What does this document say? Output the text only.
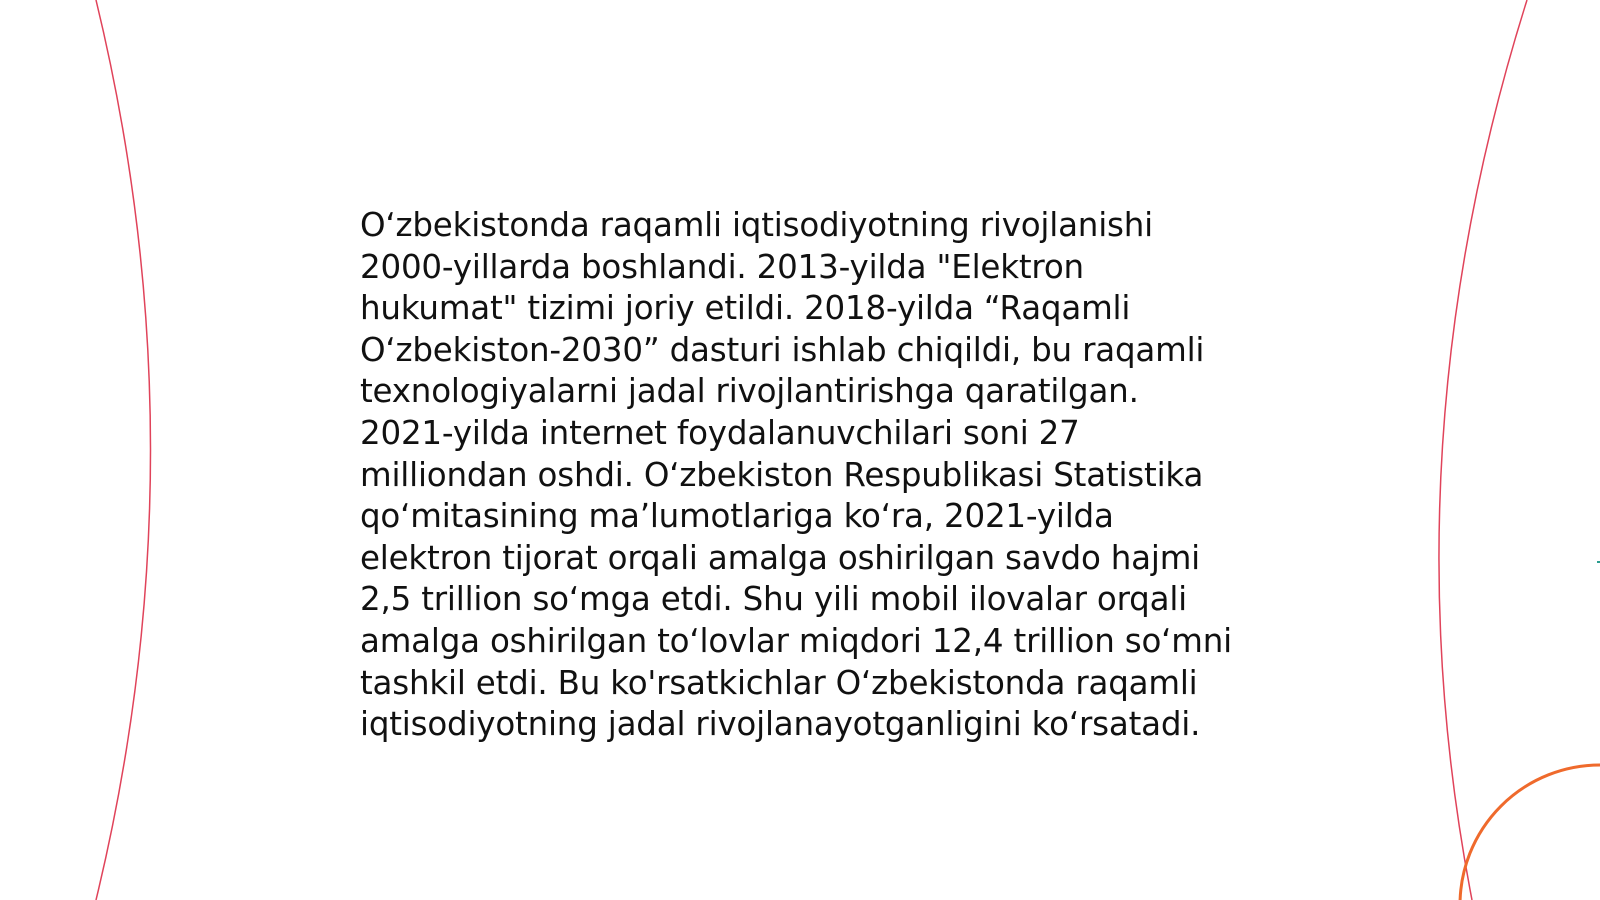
O‘zbekistonda raqamli iqtisodiyotning rivojlanishi
2000-yillarda boshlandi. 2013-yilda "Elektron
hukumat" tizimi joriy etildi. 2018-yilda “Raqamli
O‘zbekiston-2030” dasturi ishlab chiqildi, bu raqamli
texnologiyalarni jadal rivojlantirishga qaratilgan.
2021-yilda internet foydalanuvchilari soni 27
milliondan oshdi. O‘zbekiston Respublikasi Statistika
qo‘mitasining ma’lumotlariga ko‘ra, 2021-yilda
elektron tijorat orqali amalga oshirilgan savdo hajmi
2,5 trillion so‘mga etdi. Shu yili mobil ilovalar orqali
amalga oshirilgan to‘lovlar miqdori 12,4 trillion so‘mni
tashkil etdi. Bu ko'rsatkichlar O‘zbekistonda raqamli
iqtisodiyotning jadal rivojlanayotganligini ko‘rsatadi.
